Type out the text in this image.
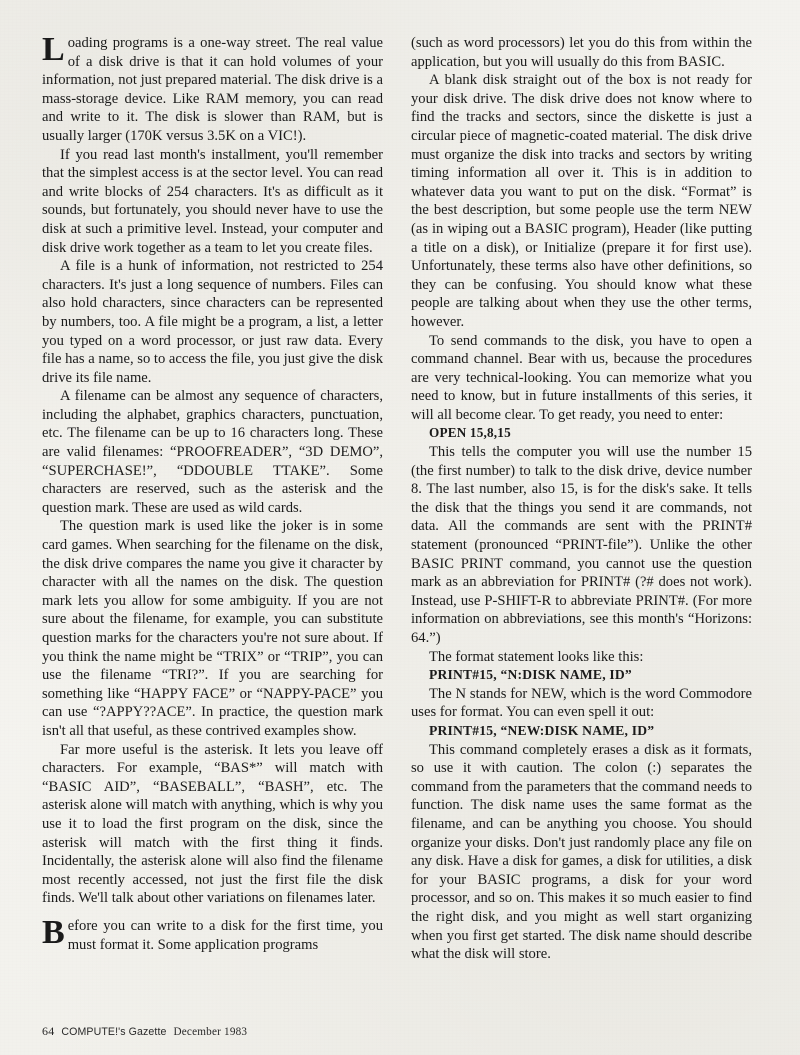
Loading programs is a one-way street. The real value of a disk drive is that it can hold volumes of your information, not just prepared material. The disk drive is a mass-storage device. Like RAM memory, you can read and write to it. The disk is slower than RAM, but is usually larger (170K versus 3.5K on a VIC!).

If you read last month's installment, you'll remember that the simplest access is at the sector level. You can read and write blocks of 254 characters. It's as difficult as it sounds, but fortunately, you should never have to use the disk at such a primitive level. Instead, your computer and disk drive work together as a team to let you create files.

A file is a hunk of information, not restricted to 254 characters. It's just a long sequence of numbers. Files can also hold characters, since characters can be represented by numbers, too. A file might be a program, a list, a letter you typed on a word processor, or just raw data. Every file has a name, so to access the file, you just give the disk drive its file name.

A filename can be almost any sequence of characters, including the alphabet, graphics characters, punctuation, etc. The filename can be up to 16 characters long. These are valid filenames: “PROOFREADER”, “3D DEMO”, “SUPERCHASE!”, “DDOUBLE TTAKE”. Some characters are reserved, such as the asterisk and the question mark. These are used as wild cards.

The question mark is used like the joker is in some card games. When searching for the filename on the disk, the disk drive compares the name you give it character by character with all the names on the disk. The question mark lets you allow for some ambiguity. If you are not sure about the filename, for example, you can substitute question marks for the characters you're not sure about. If you think the name might be “TRIX” or “TRIP”, you can use the filename “TRI?”. If you are searching for something like “HAPPY FACE” or “NAPPY-PACE” you can use “?APPY??ACE”. In practice, the question mark isn't all that useful, as these contrived examples show.

Far more useful is the asterisk. It lets you leave off characters. For example, “BAS*” will match with “BASIC AID”, “BASEBALL”, “BASH”, etc. The asterisk alone will match with anything, which is why you use it to load the first program on the disk, since the asterisk will match with the first thing it finds. Incidentally, the asterisk alone will also find the filename most recently accessed, not just the first file the disk finds. We'll talk about other variations on filenames later.

Before you can write to a disk for the first time, you must format it. Some application programs

(such as word processors) let you do this from within the application, but you will usually do this from BASIC.

A blank disk straight out of the box is not ready for your disk drive. The disk drive does not know where to find the tracks and sectors, since the diskette is just a circular piece of magnetic-coated material. The disk drive must organize the disk into tracks and sectors by writing timing information all over it. This is in addition to whatever data you want to put on the disk. “Format” is the best description, but some people use the term NEW (as in wiping out a BASIC program), Header (like putting a title on a disk), or Initialize (prepare it for first use). Unfortunately, these terms also have other definitions, so they can be confusing. You should know what these people are talking about when they use the other terms, however.

To send commands to the disk, you have to open a command channel. Bear with us, because the procedures are very technical-looking. You can memorize what you need to know, but in future installments of this series, it will all become clear. To get ready, you need to enter:

OPEN 15,8,15

This tells the computer you will use the number 15 (the first number) to talk to the disk drive, device number 8. The last number, also 15, is for the disk's sake. It tells the disk that the things you send it are commands, not data. All the commands are sent with the PRINT# statement (pronounced “PRINT-file”). Unlike the other BASIC PRINT command, you cannot use the question mark as an abbreviation for PRINT# (?# does not work). Instead, use P-SHIFT-R to abbreviate PRINT#. (For more information on abbreviations, see this month's “Horizons: 64.”)

The format statement looks like this:

PRINT#15, “N:DISK NAME, ID”

The N stands for NEW, which is the word Commodore uses for format. You can even spell it out:

PRINT#15, “NEW:DISK NAME, ID”

This command completely erases a disk as it formats, so use it with caution. The colon (:) separates the command from the parameters that the command needs to function. The disk name uses the same format as the filename, and can be anything you choose. You should organize your disks. Don't just randomly place any file on any disk. Have a disk for games, a disk for utilities, a disk for your BASIC programs, a disk for your word processor, and so on. This makes it so much easier to find the right disk, and you might as well start organizing when you first get started. The disk name should describe what the disk will store.

64 COMPUTE!'s Gazette December 1983
